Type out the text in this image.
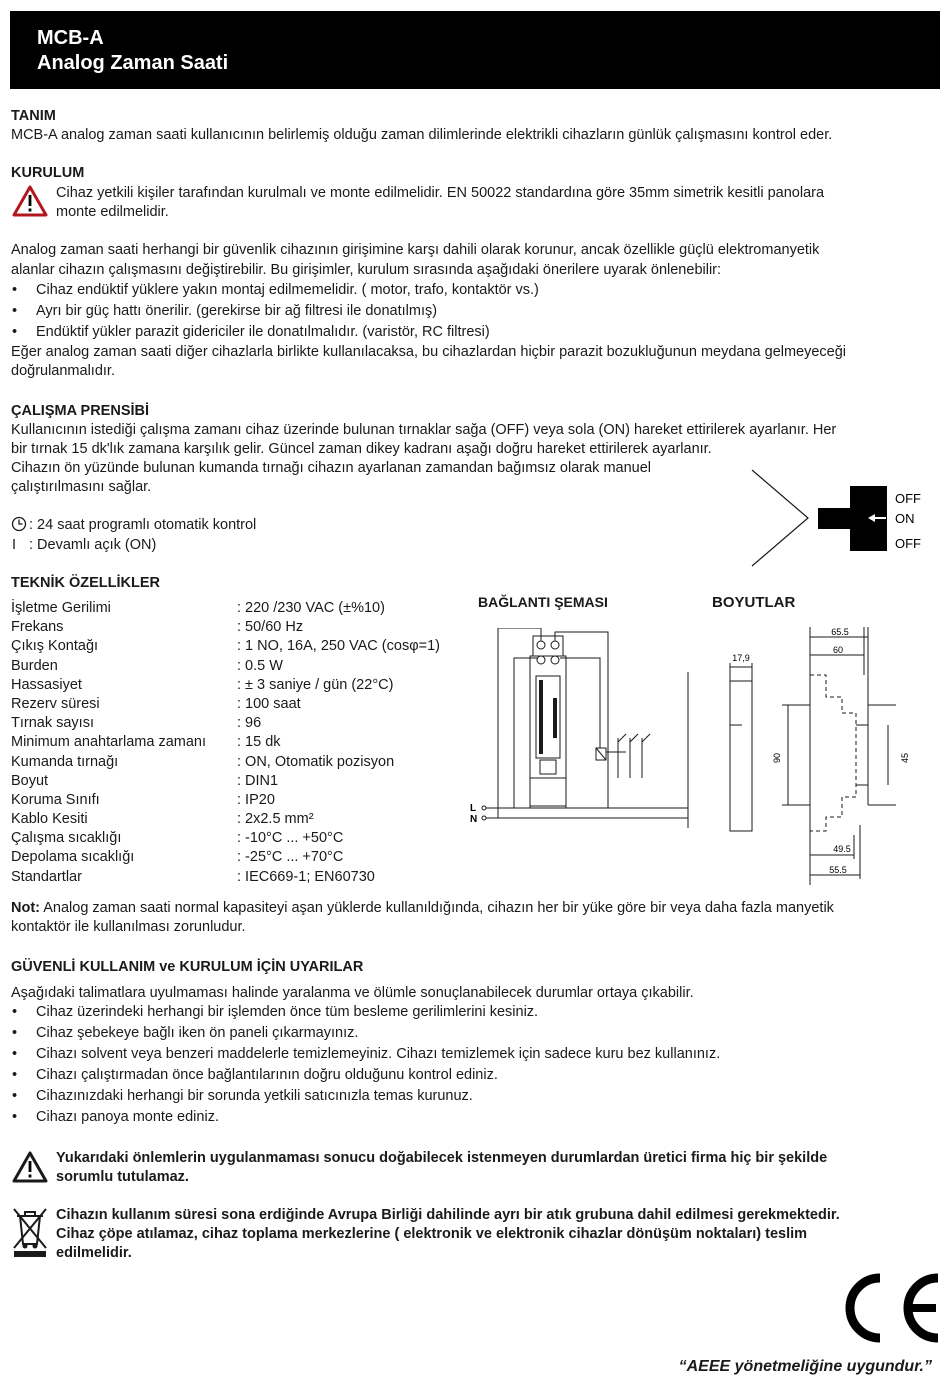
MCB-A
Analog Zaman Saati
TANIM
MCB-A analog zaman saati kullanıcının belirlemiş olduğu zaman dilimlerinde elektrikli cihazların günlük çalışmasını kontrol eder.
KURULUM
Cihaz yetkili kişiler tarafından kurulmalı ve monte edilmelidir. EN 50022 standardına göre 35mm simetrik kesitli panolara
monte edilmelidir.
Analog zaman saati herhangi bir güvenlik cihazının girişimine karşı dahili olarak korunur, ancak özellikle güçlü elektromanyetik
alanlar cihazın çalışmasını değiştirebilir. Bu girişimler, kurulum sırasında aşağıdaki önerilere uyarak önlenebilir:
• Cihaz endüktif yüklere yakın montaj edilmemelidir. ( motor, trafo, kontaktör vs.)
• Ayrı bir güç hattı önerilir. (gerekirse bir ağ filtresi ile donatılmış)
• Endüktif yükler parazit gidericiler ile donatılmalıdır. (varistör, RC filtresi)
Eğer analog zaman saati diğer cihazlarla birlikte kullanılacaksa, bu cihazlardan hiçbir parazit bozukluğunun meydana gelmeyeceği
doğrulanmalıdır.
ÇALIŞMA PRENSİBİ
Kullanıcının istediği çalışma zamanı cihaz üzerinde bulunan tırnaklar sağa (OFF) veya sola (ON) hareket ettirilerek ayarlanır. Her
bir tırnak 15 dk'lık zamana karşılık gelir. Güncel zaman dikey kadranı aşağı doğru hareket ettirilerek ayarlanır.
Cihazın ön yüzünde bulunan kumanda tırnağı cihazın ayarlanan zamandan bağımsız olarak manuel
çalıştırılmasını sağlar.
: 24 saat programlı otomatik kontrol
I : Devamlı açık (ON)
OFF
ON
OFF
TEKNİK ÖZELLİKLER
İşletme Gerilimi	: 220 /230 VAC (±%10)
Frekans	: 50/60 Hz
Çıkış Kontağı	: 1 NO, 16A, 250 VAC (cosφ=1)
Burden	: 0.5 W
Hassasiyet	: ± 3 saniye / gün (22°C)
Rezerv süresi	: 100 saat
Tırnak sayısı	: 96
Minimum anahtarlama zamanı : 15 dk
Kumanda tırnağı	: ON, Otomatik pozisyon
Boyut	: DIN1
Koruma Sınıfı	: IP20
Kablo Kesiti	: 2x2.5 mm²
Çalışma sıcaklığı	: -10°C ... +50°C
Depolama sıcaklığı	: -25°C ... +70°C
Standartlar	: IEC669-1; EN60730
BAĞLANTI ŞEMASI
L
N
BOYUTLAR
65.5
60
17,9
90	45
49.5
55.5
Not: Analog zaman saati normal kapasiteyi aşan yüklerde kullanıldığında, cihazın her bir yüke göre bir veya daha fazla manyetik
kontaktör ile kullanılması zorunludur.
GÜVENLİ KULLANIM ve KURULUM İÇİN UYARILAR
Aşağıdaki talimatlara uyulmaması halinde yaralanma ve ölümle sonuçlanabilecek durumlar ortaya çıkabilir.
• Cihaz üzerindeki herhangi bir işlemden önce tüm besleme gerilimlerini kesiniz.
• Cihaz şebekeye bağlı iken ön paneli çıkarmayınız.
• Cihazı solvent veya benzeri maddelerle temizlemeyiniz. Cihazı temizlemek için sadece kuru bez kullanınız.
• Cihazı çalıştırmadan önce bağlantılarının doğru olduğunu kontrol ediniz.
• Cihazınızdaki herhangi bir sorunda yetkili satıcınızla temas kurunuz.
• Cihazı panoya monte ediniz.
Yukarıdaki önlemlerin uygulanmaması sonucu doğabilecek istenmeyen durumlardan üretici firma hiç bir şekilde
sorumlu tutulamaz.
Cihazın kullanım süresi sona erdiğinde Avrupa Birliği dahilinde ayrı bir atık grubuna dahil edilmesi gerekmektedir.
Cihaz çöpe atılamaz, cihaz toplama merkezlerine ( elektronik ve elektronik cihazlar dönüşüm noktaları) teslim
edilmelidir.
“AEEE yönetmeliğine uygundur.”
